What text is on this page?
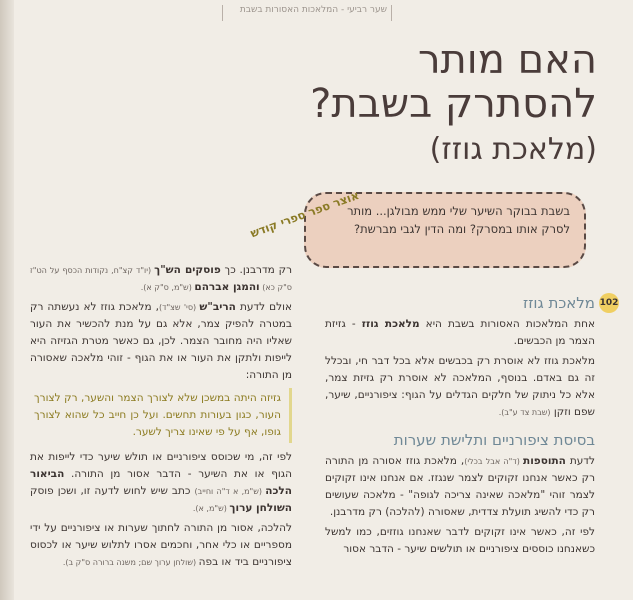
שער רביעי - המלאכות האסורות בשבת
האם מותר
להסתרק בשבת?
(מלאכת גוזז)
בשבת בבוקר השיער שלי ממש מבולגן... מותר לסרק אותו במסרק? ומה הדין לגבי מברשת?
אוצר ספר ספרי קודש
102
מלאכת גוזז

אחת המלאכות האסורות בשבת היא מלאכת גוזז - גזיזת הצמר מן הכבשים.

מלאכת גוזז לא אוסרת רק בכבשים אלא בכל דבר חי, ובכלל זה גם באדם. בנוסף, המלאכה לא אוסרת רק גזיזת צמר, אלא כל ניתוק של חלקים הגדלים על הגוף: ציפורניים, שיער, שפם וזקן (שבת צד ע"ב).

בסיסת ציפורניים ותלישת שערות

לדעת התוספות (ד"ה אבל בכלי), מלאכת גוזז אסורה מן התורה רק כאשר אנחנו זקוקים לצמר שנגזז. אם אנחנו אינו זקוקים לצמר זוהי "מלאכה שאינה צריכה לגופה" - מלאכה שעושים רק כדי להשיג תועלת צדדית, שאסורה (להלכה) רק מדרבנן.

לפי זה, כאשר אינו זקוקים לדבר שאנחנו גוזזים, כמו למשל כשאנחנו כוססים ציפורניים או תולשים שיער - הדבר אסור

רק מדרבנן. כך פוסקים הש"ך (יו"ד קצ"ח, נקודות הכסף על הט"ז ס"ק כא) והמגן אברהם (ש"מ, ס"ק א).

אולם לדעת הריב"ש (סי' שצ"ד), מלאכת גוזז לא נעשתה רק במטרה להפיק צמר, אלא גם על מנת להכשיר את העור שאליו היה מחובר הצמר. לכן, גם כאשר מטרת הגזיזה היא לייפות ולתקן את העור או את הגוף - זוהי מלאכה שאסורה מן התורה:

גזיזה היתה במשכן שלא לצורך הצמר והשער, רק לצורך העור, כגון בעורות תחשים. ועל כן חייב כל שהוא לצורך גופו, אף על פי שאינו צריך לשער.

לפי זה, מי שכוסס ציפורניים או תולש שיער כדי לייפות את הגוף או את השיער - הדבר אסור מן התורה. הביאור הלכה (ש"מ, א ד"ה וחייב) כתב שיש לחוש לדעה זו, ושכן פוסק השולחן ערוך (ש"מ, א).

להלכה, אסור מן התורה לחתוך שערות או ציפורניים על ידי מספריים או כלי אחר, וחכמים אסרו לתלוש שיער או לכסוס ציפורניים ביד או בפה (שולחן ערוך שם; משנה ברורה ס"ק ב).
